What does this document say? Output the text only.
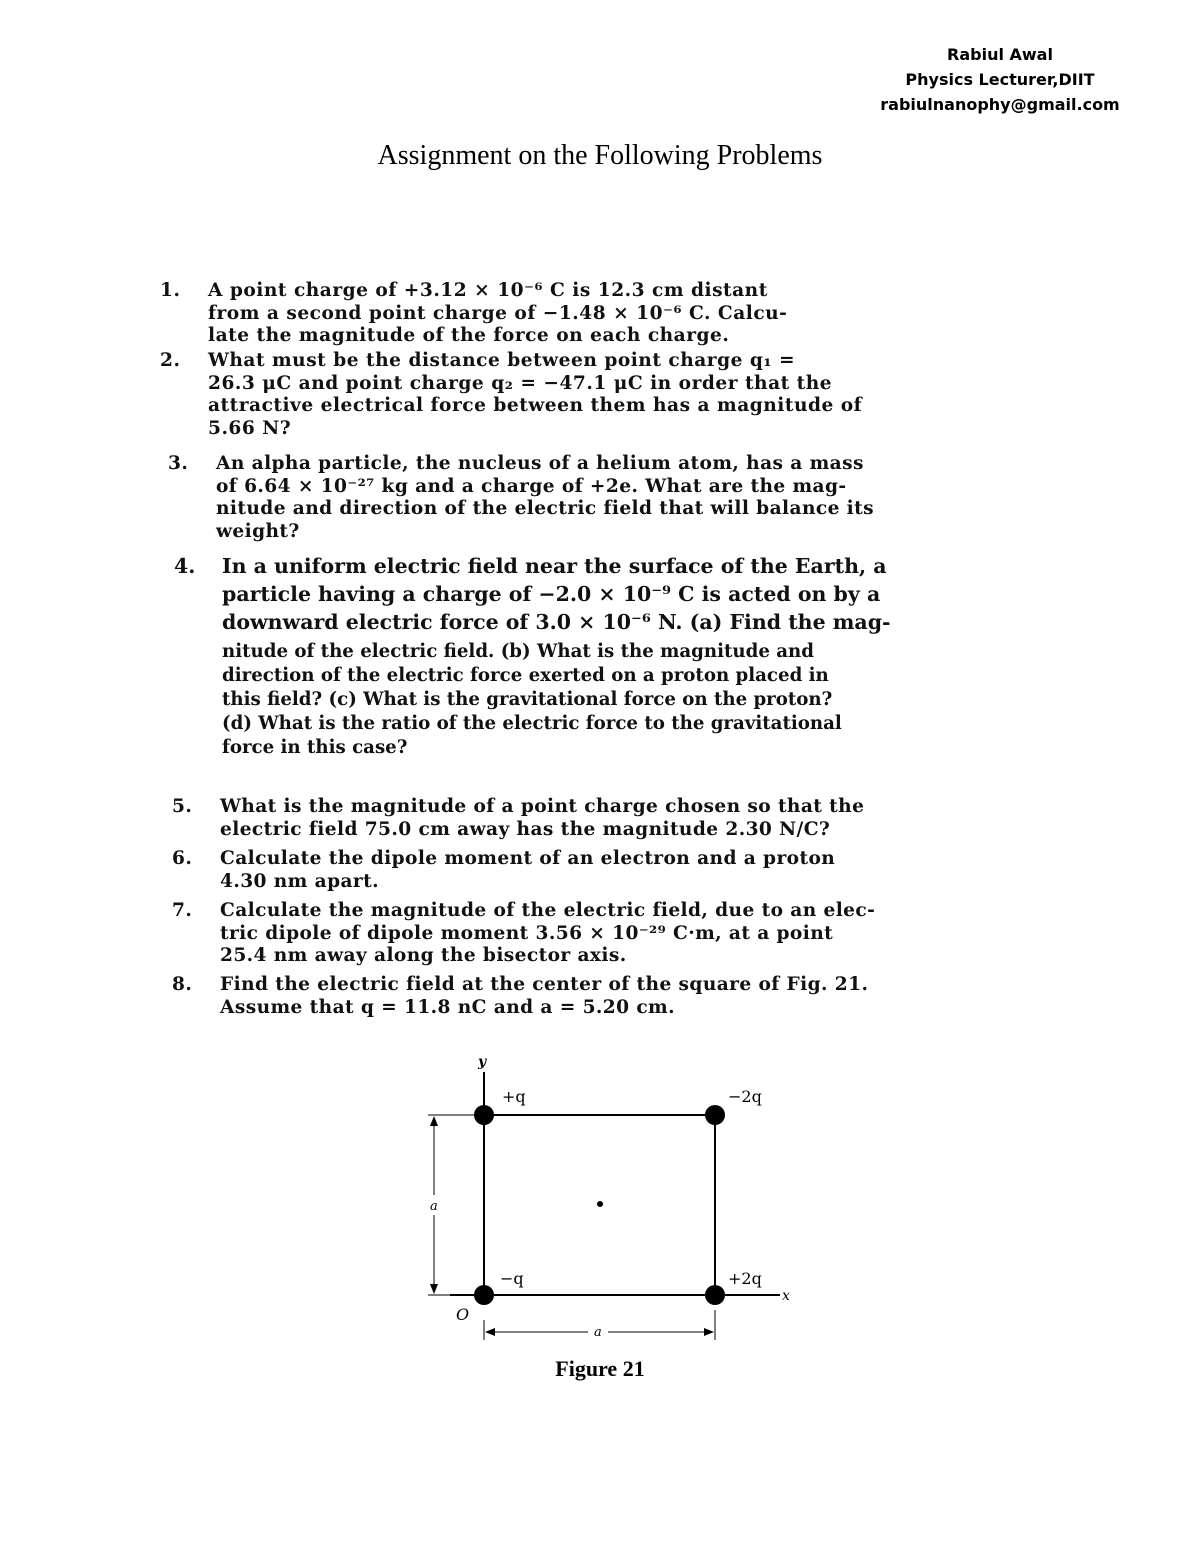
Rabiul Awal
Physics Lecturer,DIIT
rabiulnanophy@gmail.com
Assignment on the Following Problems
1. A point charge of +3.12 × 10⁻⁶ C is 12.3 cm distant
from a second point charge of −1.48 × 10⁻⁶ C. Calcu-
late the magnitude of the force on each charge.
2. What must be the distance between point charge q₁ =
26.3 μC and point charge q₂ = −47.1 μC in order that the
attractive electrical force between them has a magnitude of
5.66 N?
3. An alpha particle, the nucleus of a helium atom, has a mass
of 6.64 × 10⁻²⁷ kg and a charge of +2e. What are the mag-
nitude and direction of the electric field that will balance its
weight?
4. In a uniform electric field near the surface of the Earth, a
particle having a charge of −2.0 × 10⁻⁹ C is acted on by a
downward electric force of 3.0 × 10⁻⁶ N. (a) Find the mag-
nitude of the electric field. (b) What is the magnitude and
direction of the electric force exerted on a proton placed in
this field? (c) What is the gravitational force on the proton?
(d) What is the ratio of the electric force to the gravitational
force in this case?
5. What is the magnitude of a point charge chosen so that the
electric field 75.0 cm away has the magnitude 2.30 N/C?
6. Calculate the dipole moment of an electron and a proton
4.30 nm apart.
7. Calculate the magnitude of the electric field, due to an elec-
tric dipole of dipole moment 3.56 × 10⁻²⁹ C·m, at a point
25.4 nm away along the bisector axis.
8. Find the electric field at the center of the square of Fig. 21.
Assume that q = 11.8 nC and a = 5.20 cm.
y
x
O
a
a
+q	−2q
−q	+2q
Figure 21
